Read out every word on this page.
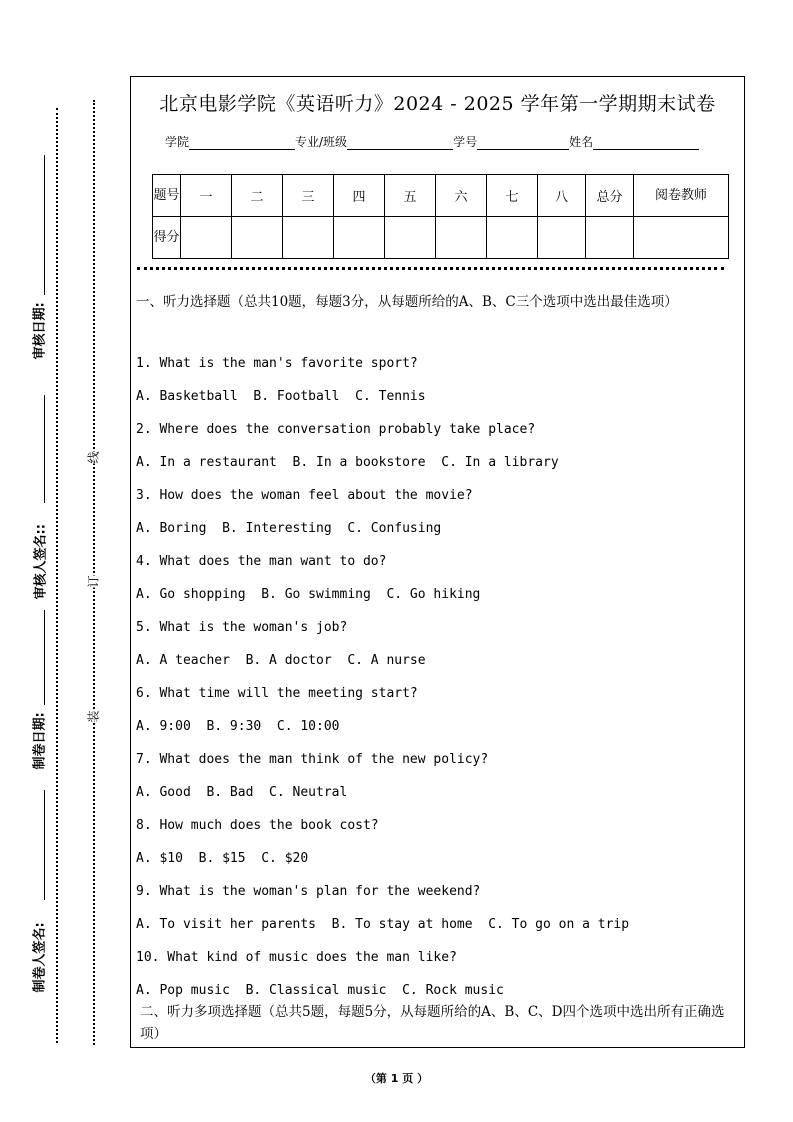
审核日期:
审核人签名::
制卷日期:
制卷人签名:
线
订
装
北京电影学院《英语听力》2024 - 2025 学年第一学期期末试卷
学院	专业/班级	学号	姓名
题号	一	二	三	四	五	六	七	八	总分	阅卷教师
得分										
一、听力选择题（总共10题，每题3分，从每题所给的A、B、C三个选项中选出最佳选项）
1. What is the man's favorite sport?
A. Basketball  B. Football  C. Tennis
2. Where does the conversation probably take place?
A. In a restaurant  B. In a bookstore  C. In a library
3. How does the woman feel about the movie?
A. Boring  B. Interesting  C. Confusing
4. What does the man want to do?
A. Go shopping  B. Go swimming  C. Go hiking
5. What is the woman's job?
A. A teacher  B. A doctor  C. A nurse
6. What time will the meeting start?
A. 9:00  B. 9:30  C. 10:00
7. What does the man think of the new policy?
A. Good  B. Bad  C. Neutral
8. How much does the book cost?
A. $10  B. $15  C. $20
9. What is the woman's plan for the weekend?
A. To visit her parents  B. To stay at home  C. To go on a trip
10. What kind of music does the man like?
A. Pop music  B. Classical music  C. Rock music
二、听力多项选择题（总共5题，每题5分，从每题所给的A、B、C、D四个选项中选出所有正确选项）
（第 1 页 ）
